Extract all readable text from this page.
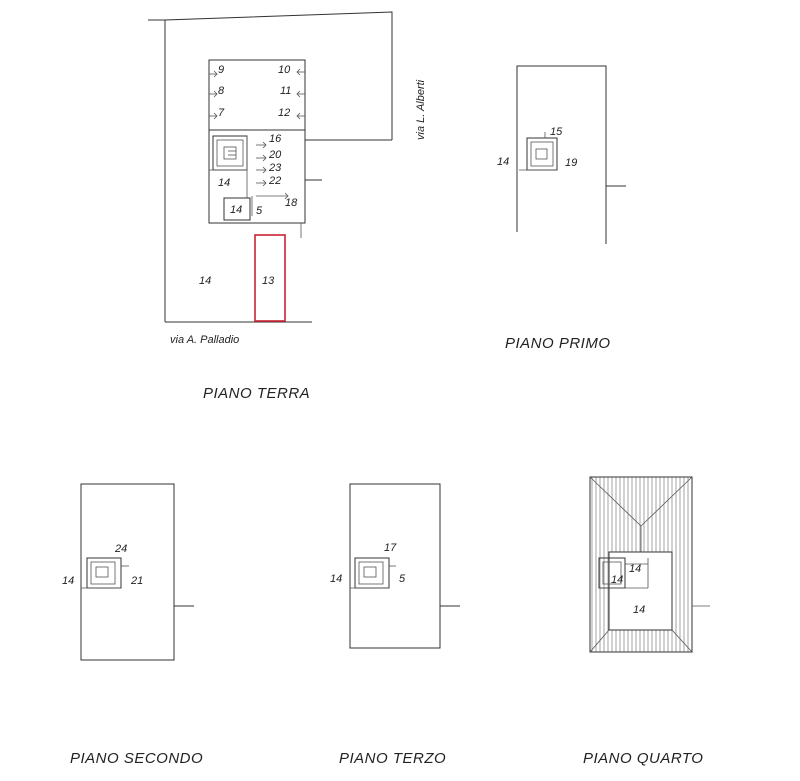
9
8
7
10
11
12
16
20
23
22
14
14 5
18
14	13
via A. Palladio
via L. Alberti
PIANO TERRA
15
14	19
PIANO PRIMO
24
14	21
PIANO SECONDO
17
14	5
PIANO TERZO
14
14
14
PIANO QUARTO
